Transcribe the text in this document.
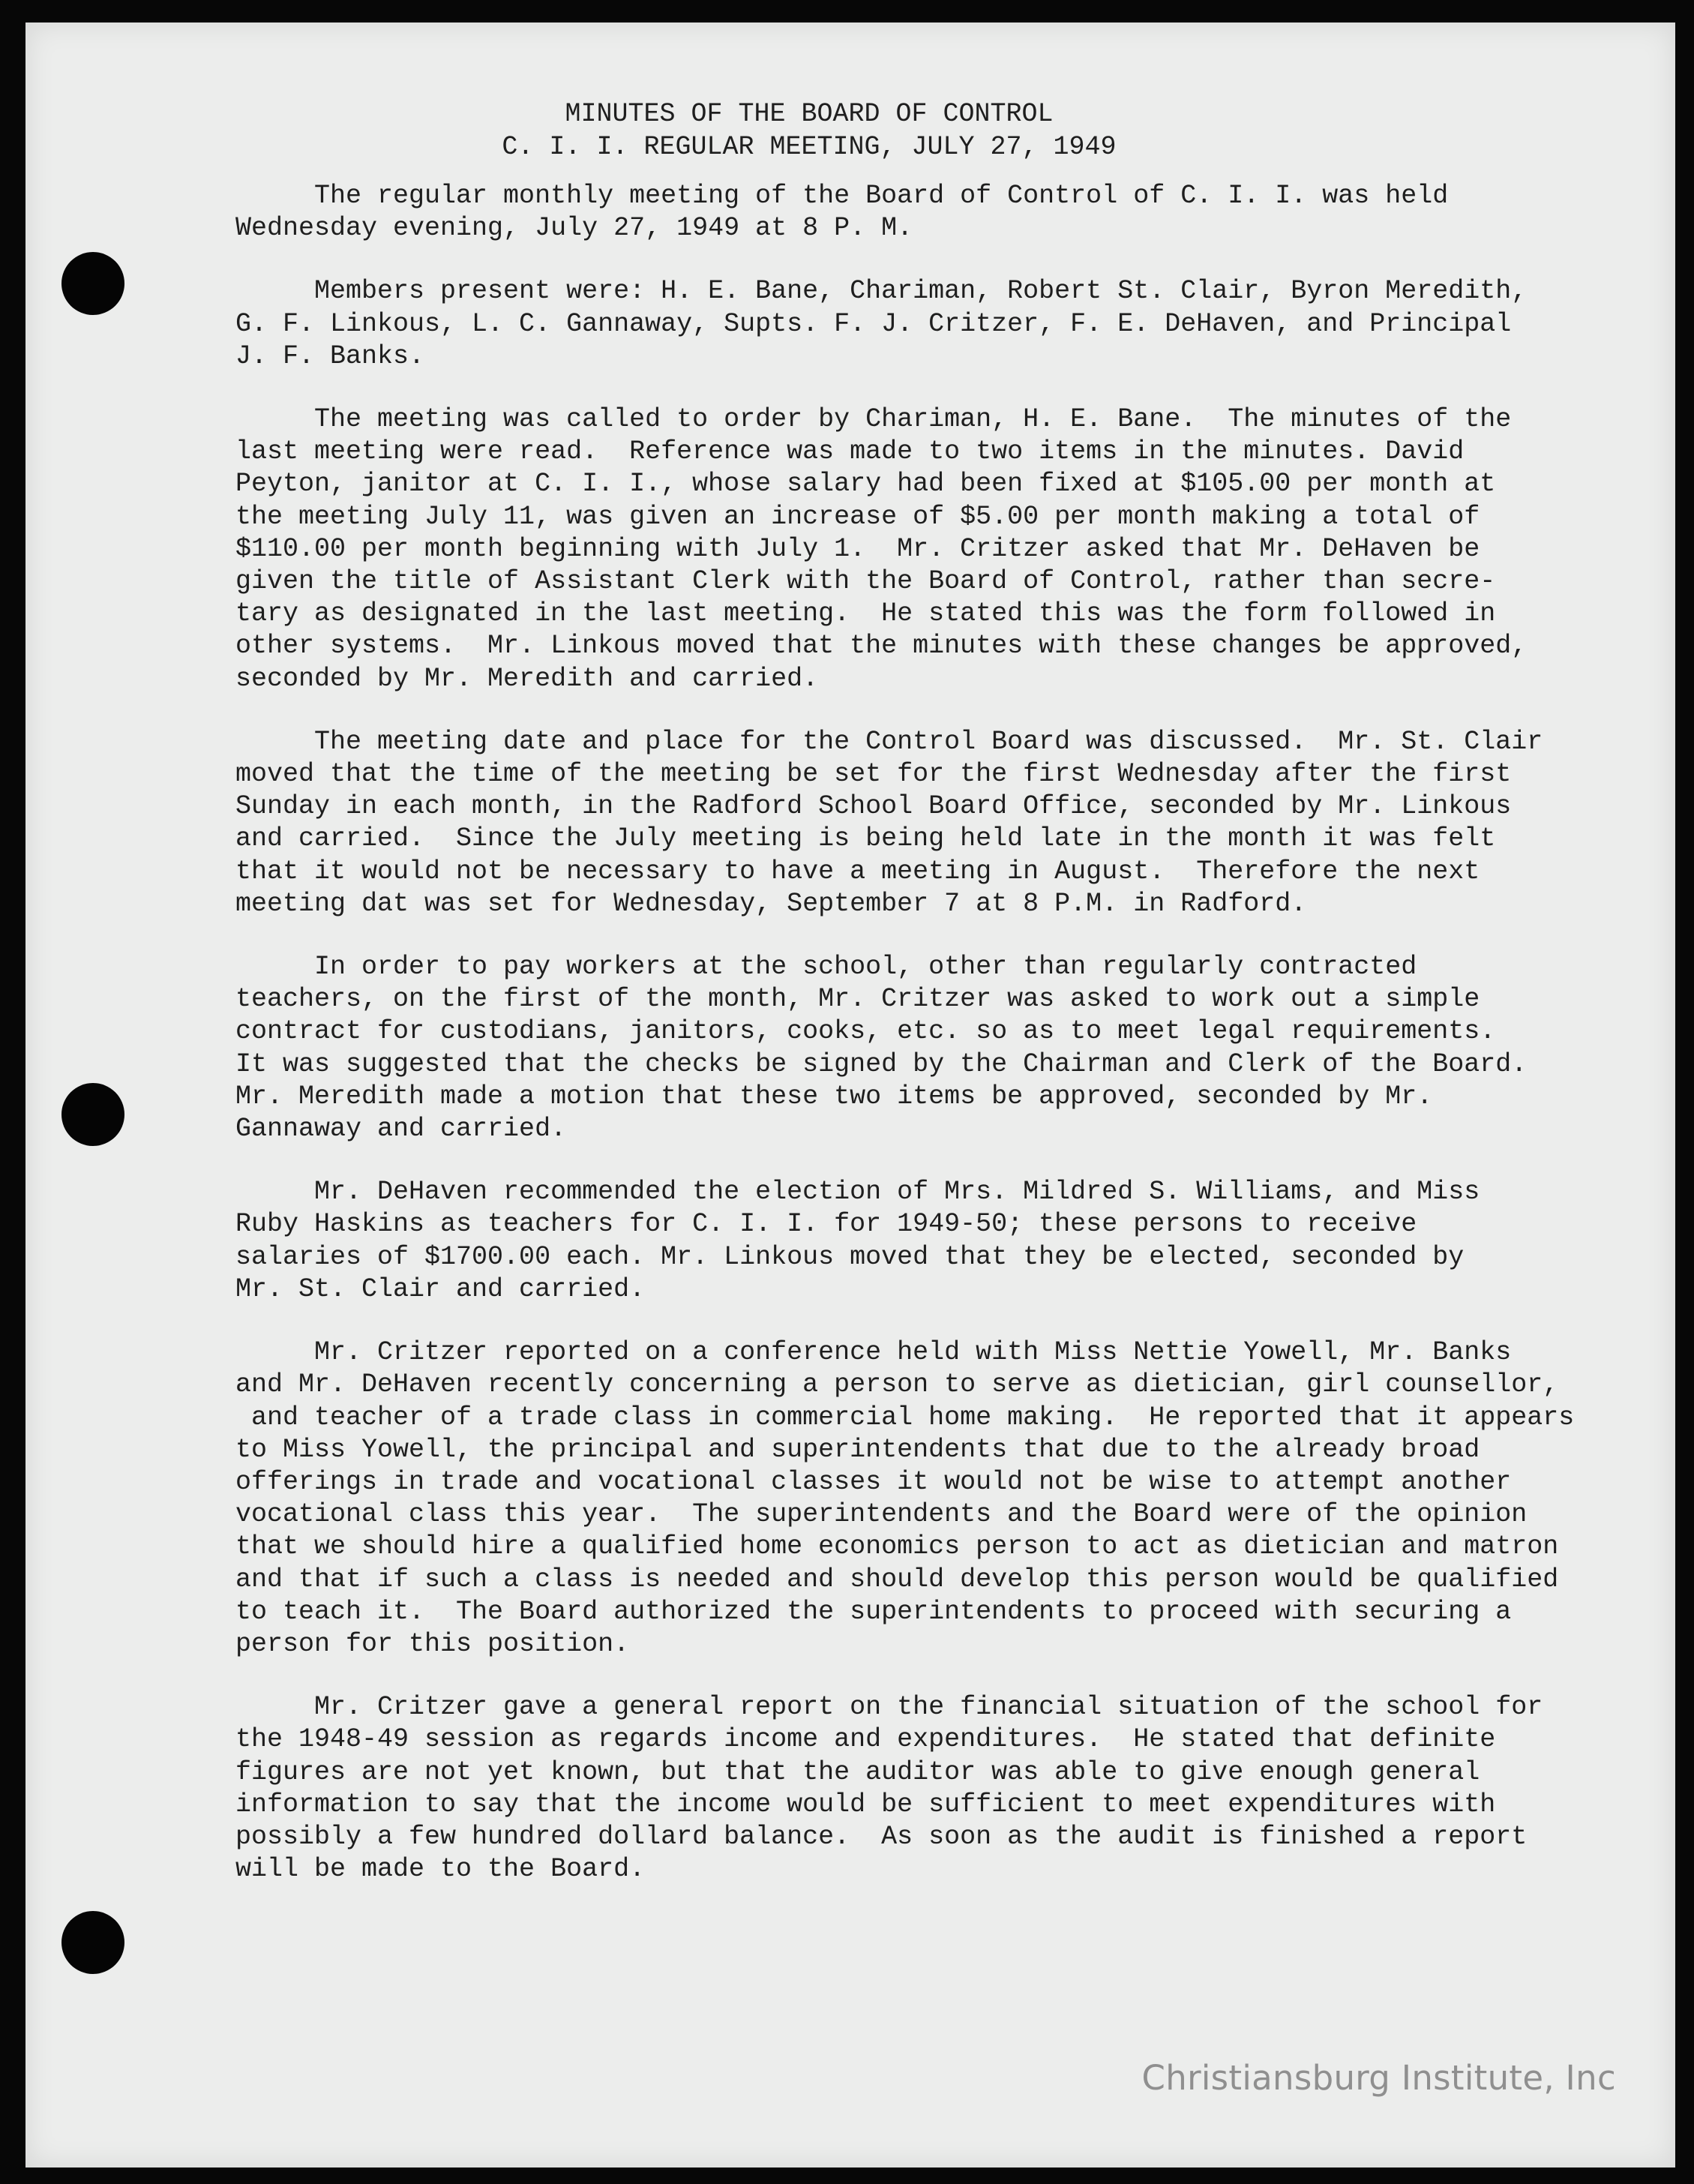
MINUTES OF THE BOARD OF CONTROL
C. I. I. REGULAR MEETING, JULY 27, 1949
The regular monthly meeting of the Board of Control of C. I. I. was held
Wednesday evening, July 27, 1949 at 8 P. M.
Members present were: H. E. Bane, Chariman, Robert St. Clair, Byron Meredith,
G. F. Linkous, L. C. Gannaway, Supts. F. J. Critzer, F. E. DeHaven, and Principal
J. F. Banks.
The meeting was called to order by Chariman, H. E. Bane.  The minutes of the
last meeting were read.  Reference was made to two items in the minutes. David
Peyton, janitor at C. I. I., whose salary had been fixed at $105.00 per month at
the meeting July 11, was given an increase of $5.00 per month making a total of
$110.00 per month beginning with July 1.  Mr. Critzer asked that Mr. DeHaven be
given the title of Assistant Clerk with the Board of Control, rather than secre-
tary as designated in the last meeting.  He stated this was the form followed in
other systems.  Mr. Linkous moved that the minutes with these changes be approved,
seconded by Mr. Meredith and carried.
The meeting date and place for the Control Board was discussed.  Mr. St. Clair
moved that the time of the meeting be set for the first Wednesday after the first
Sunday in each month, in the Radford School Board Office, seconded by Mr. Linkous
and carried.  Since the July meeting is being held late in the month it was felt
that it would not be necessary to have a meeting in August.  Therefore the next
meeting dat was set for Wednesday, September 7 at 8 P.M. in Radford.
In order to pay workers at the school, other than regularly contracted
teachers, on the first of the month, Mr. Critzer was asked to work out a simple
contract for custodians, janitors, cooks, etc. so as to meet legal requirements.
It was suggested that the checks be signed by the Chairman and Clerk of the Board.
Mr. Meredith made a motion that these two items be approved, seconded by Mr.
Gannaway and carried.
Mr. DeHaven recommended the election of Mrs. Mildred S. Williams, and Miss
Ruby Haskins as teachers for C. I. I. for 1949-50; these persons to receive
salaries of $1700.00 each. Mr. Linkous moved that they be elected, seconded by
Mr. St. Clair and carried.
Mr. Critzer reported on a conference held with Miss Nettie Yowell, Mr. Banks
and Mr. DeHaven recently concerning a person to serve as dietician, girl counsellor,
and teacher of a trade class in commercial home making.  He reported that it appears
to Miss Yowell, the principal and superintendents that due to the already broad
offerings in trade and vocational classes it would not be wise to attempt another
vocational class this year.  The superintendents and the Board were of the opinion
that we should hire a qualified home economics person to act as dietician and matron
and that if such a class is needed and should develop this person would be qualified
to teach it.  The Board authorized the superintendents to proceed with securing a
person for this position.
Mr. Critzer gave a general report on the financial situation of the school for
the 1948-49 session as regards income and expenditures.  He stated that definite
figures are not yet known, but that the auditor was able to give enough general
information to say that the income would be sufficient to meet expenditures with
possibly a few hundred dollard balance.  As soon as the audit is finished a report
will be made to the Board.
Christiansburg Institute, Inc
